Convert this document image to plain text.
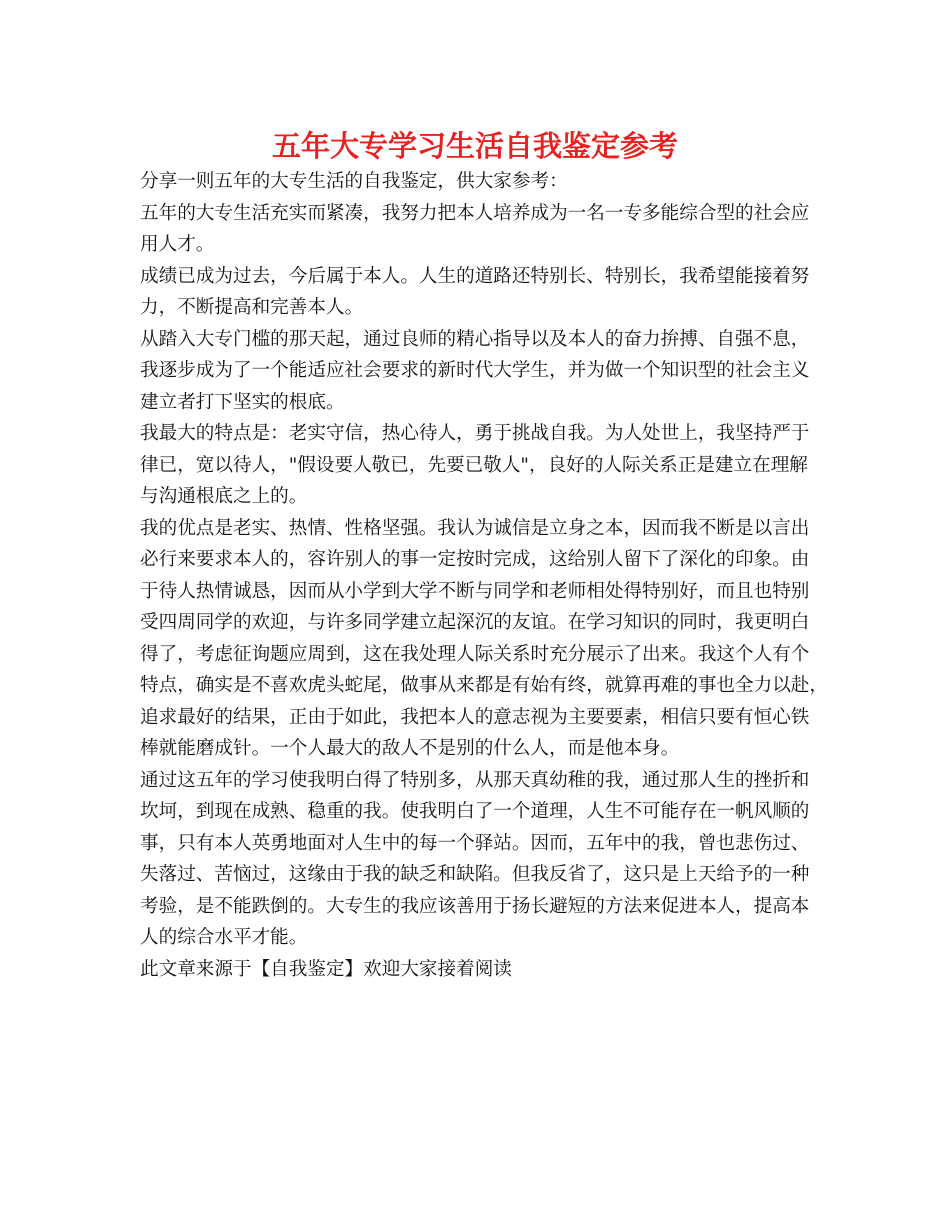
五年大专学习生活自我鉴定参考
分享一则五年的大专生活的自我鉴定，供大家参考：
五年的大专生活充实而紧凑，我努力把本人培养成为一名一专多能综合型的社会应
用人才。
成绩已成为过去，今后属于本人。人生的道路还特别长、特别长，我希望能接着努
力，不断提高和完善本人。
从踏入大专门槛的那天起，通过良师的精心指导以及本人的奋力拚搏、自强不息，
我逐步成为了一个能适应社会要求的新时代大学生，并为做一个知识型的社会主义
建立者打下坚实的根底。
我最大的特点是：老实守信，热心待人，勇于挑战自我。为人处世上，我坚持严于
律已，宽以待人，"假设要人敬已，先要已敬人"，良好的人际关系正是建立在理解
与沟通根底之上的。
我的优点是老实、热情、性格坚强。我认为诚信是立身之本，因而我不断是以言出
必行来要求本人的，容许别人的事一定按时完成，这给别人留下了深化的印象。由
于待人热情诚恳，因而从小学到大学不断与同学和老师相处得特别好，而且也特别
受四周同学的欢迎，与许多同学建立起深沉的友谊。在学习知识的同时，我更明白
得了，考虑征询题应周到，这在我处理人际关系时充分展示了出来。我这个人有个
特点，确实是不喜欢虎头蛇尾，做事从来都是有始有终，就算再难的事也全力以赴，
追求最好的结果，正由于如此，我把本人的意志视为主要要素，相信只要有恒心铁
棒就能磨成针。一个人最大的敌人不是别的什么人，而是他本身。
通过这五年的学习使我明白得了特别多，从那天真幼稚的我，通过那人生的挫折和
坎坷，到现在成熟、稳重的我。使我明白了一个道理，人生不可能存在一帆风顺的
事，只有本人英勇地面对人生中的每一个驿站。因而，五年中的我，曾也悲伤过、
失落过、苦恼过，这缘由于我的缺乏和缺陷。但我反省了，这只是上天给予的一种
考验，是不能跌倒的。大专生的我应该善用于扬长避短的方法来促进本人，提高本
人的综合水平才能。
此文章来源于【自我鉴定】欢迎大家接着阅读
